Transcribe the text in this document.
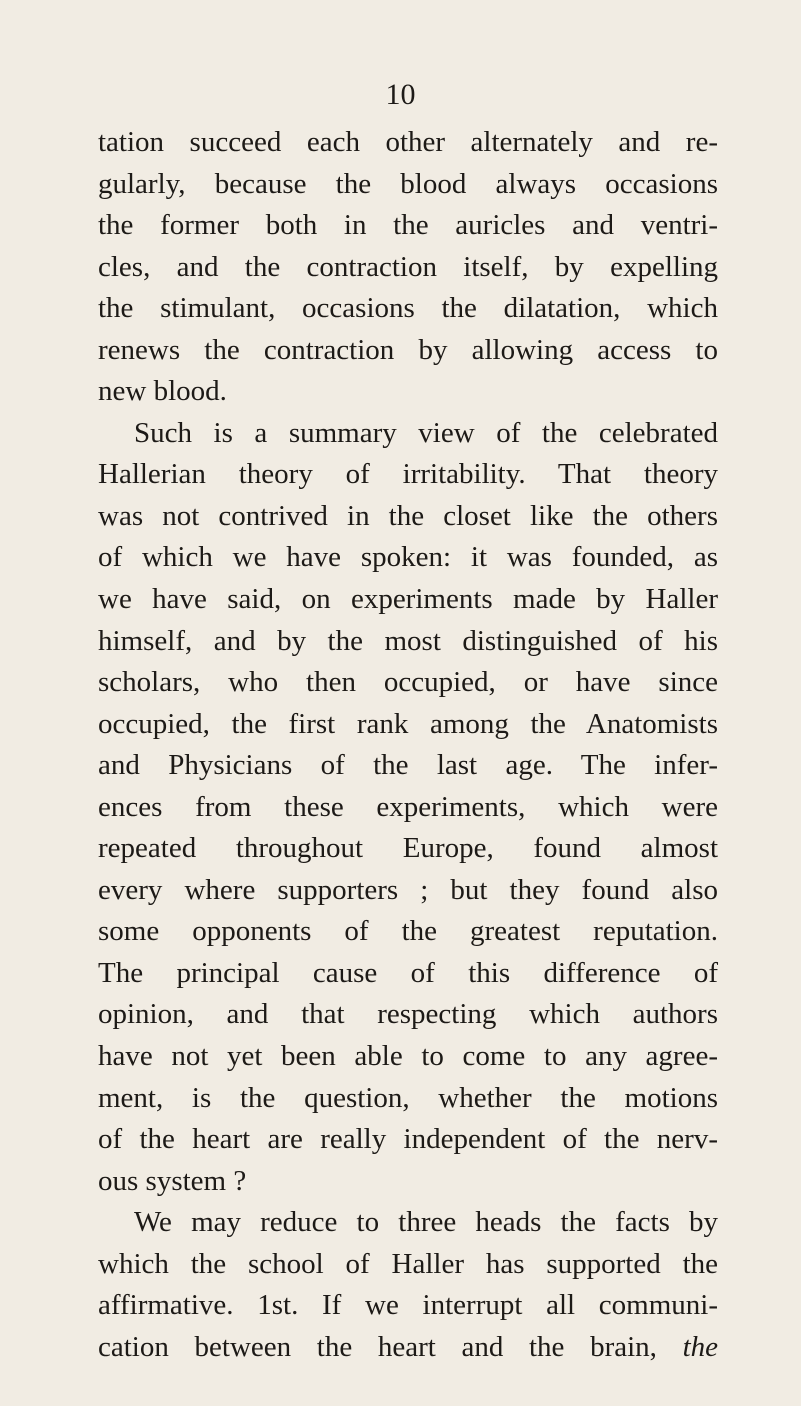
10
tation succeed each other alternately and re-
gularly, because the blood always occasions
the former both in the auricles and ventri-
cles, and the contraction itself, by expelling
the stimulant, occasions the dilatation, which
renews the contraction by allowing access to
new blood.
Such is a summary view of the celebrated
Hallerian theory of irritability. That theory
was not contrived in the closet like the others
of which we have spoken: it was founded, as
we have said, on experiments made by Haller
himself, and by the most distinguished of his
scholars, who then occupied, or have since
occupied, the first rank among the Anatomists
and Physicians of the last age. The infer-
ences from these experiments, which were
repeated throughout Europe, found almost
every where supporters ; but they found also
some opponents of the greatest reputation.
The principal cause of this difference of
opinion, and that respecting which authors
have not yet been able to come to any agree-
ment, is the question, whether the motions
of the heart are really independent of the nerv-
ous system ?
We may reduce to three heads the facts by
which the school of Haller has supported the
affirmative. 1st. If we interrupt all communi-
cation between the heart and the brain, the
